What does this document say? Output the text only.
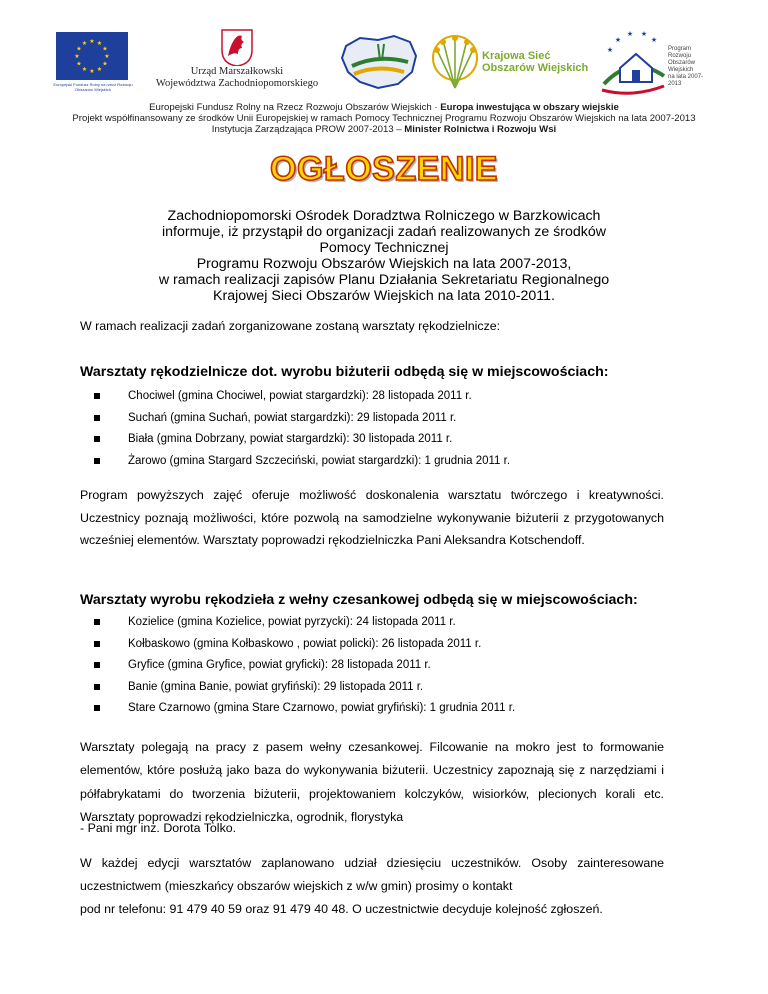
★ ★
★
★
★
★
★
★
★
★
★
★
Europejski Fundusz Rolny na rzecz Rozwoju Obszarów Wiejskich
Urząd Marszałkowski
Województwa Zachodniopomorskiego
Krajowa Sieć
Obszarów Wiejskich
★
★
★ ★
★
Program
Rozwoju
Obszarów
Wiejskich
na lata 2007-2013
Europejski Fundusz Rolny na Rzecz Rozwoju Obszarów Wiejskich · Europa inwestująca w obszary wiejskie
Projekt współfinansowany ze środków Unii Europejskiej w ramach Pomocy Technicznej Programu Rozwoju Obszarów Wiejskich na lata 2007-2013
Instytucja Zarządzająca PROW 2007-2013 – Minister Rolnictwa i Rozwoju Wsi
OGŁOSZENIE
Zachodniopomorski Ośrodek Doradztwa Rolniczego w Barzkowicach
informuje, iż przystąpił do organizacji zadań realizowanych ze środków
Pomocy Technicznej
Programu Rozwoju Obszarów Wiejskich na lata 2007-2013,
w ramach realizacji zapisów Planu Działania Sekretariatu Regionalnego
Krajowej Sieci Obszarów Wiejskich na lata 2010-2011.
W ramach realizacji zadań zorganizowane zostaną warsztaty rękodzielnicze:
Warsztaty rękodzielnicze dot. wyrobu biżuterii odbędą się w miejscowościach:
Chociwel (gmina Chociwel, powiat stargardzki): 28 listopada 2011 r.
Suchań (gmina Suchań, powiat stargardzki): 29 listopada 2011 r.
Biała (gmina Dobrzany, powiat stargardzki): 30 listopada 2011 r.
Żarowo (gmina Stargard Szczeciński, powiat stargardzki): 1 grudnia 2011 r.
Program powyższych zajęć oferuje możliwość doskonalenia warsztatu twórczego i kreatywności. Uczestnicy poznają możliwości, które pozwolą na samodzielne wykonywanie biżuterii z przygotowanych wcześniej elementów. Warsztaty poprowadzi rękodzielniczka Pani Aleksandra Kotschendoff.
Warsztaty wyrobu rękodzieła z wełny czesankowej odbędą się w miejscowościach:
Kozielice (gmina Kozielice, powiat pyrzycki): 24 listopada 2011 r.
Kołbaskowo (gmina Kołbaskowo , powiat policki): 26 listopada 2011 r.
Gryfice (gmina Gryfice, powiat gryficki): 28 listopada 2011 r.
Banie (gmina Banie, powiat gryfiński): 29 listopada 2011 r.
Stare Czarnowo (gmina Stare Czarnowo, powiat gryfiński): 1 grudnia 2011 r.
Warsztaty polegają na pracy z pasem wełny czesankowej. Filcowanie na mokro jest to formowanie elementów, które posłużą jako baza do wykonywania biżuterii. Uczestnicy zapoznają się z narzędziami i półfabrykatami do tworzenia biżuterii, projektowaniem kolczyków, wisiorków, plecionych korali etc. Warsztaty poprowadzi rękodzielniczka, ogrodnik, florystyka
- Pani mgr inż. Dorota Tolko.
W każdej edycji warsztatów zaplanowano udział dziesięciu uczestników. Osoby zainteresowane uczestnictwem (mieszkańcy obszarów wiejskich z w/w gmin) prosimy o kontakt
pod nr telefonu: 91 479 40 59 oraz 91 479 40 48. O uczestnictwie decyduje kolejność zgłoszeń.
